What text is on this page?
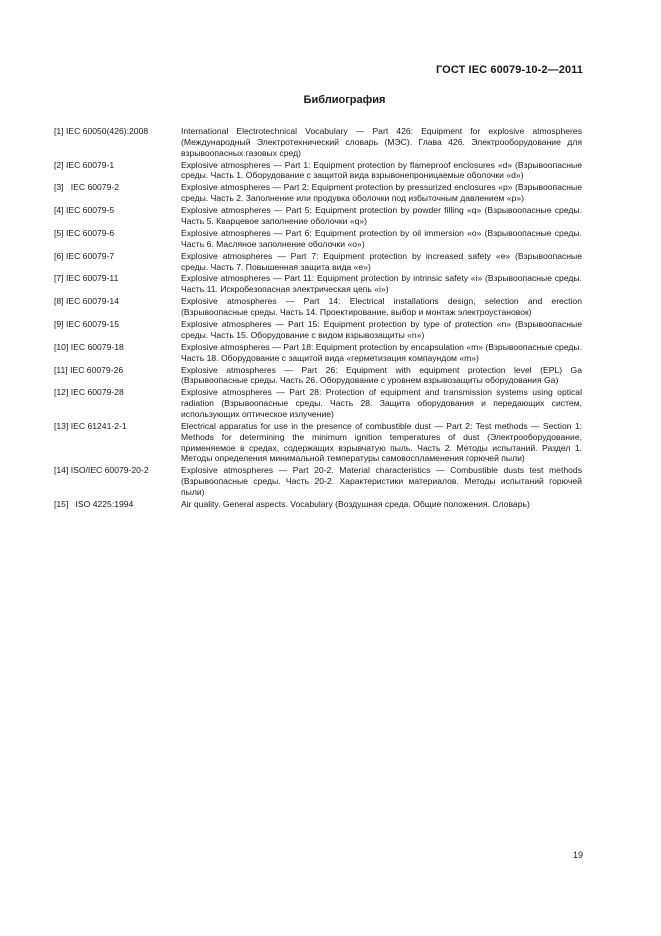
ГОСТ IEC 60079-10-2—2011
Библиография
[1] IEC 60050(426):2008	International Electrotechnical Vocabulary — Part 426: Equipment for explosive atmospheres (Международный Электротехнический словарь (МЭС). Глава 426. Электрооборудование для взрывоопасных газовых сред)
[2] IEC 60079-1	Explosive atmospheres — Part 1: Equipment protection by flameproof enclosures «d» (Взрывоопасные среды. Часть 1. Оборудование с защитой вида взрывонепроницаемые оболочки «d»)
[3] IEC 60079-2	Explosive atmospheres — Part 2: Equipment protection by pressurized enclosures «p» (Взрывоопасные среды. Часть 2. Заполнение или продувка оболочки под избыточным давлением «p»)
[4] IEC 60079-5	Explosive atmospheres — Part 5: Equipment protection by powder filling «q» (Взрывоопасные среды. Часть 5. Кварцевое заполнение оболочки «q»)
[5] IEC 60079-6	Explosive atmospheres — Part 6: Equipment protection by oil immersion «o» (Взрывоопасные среды. Часть 6. Масляное заполнение оболочки «o»)
[6] IEC 60079-7	Explosive atmospheres — Part 7: Equipment protection by increased safety «e» (Взрывоопасные среды. Часть 7. Повышенная защита вида «e»)
[7] IEC 60079-11	Explosive atmospheres — Part 11: Equipment protection by intrinsic safety «i» (Взрывоопасные среды. Часть 11. Искробезопасная электрическая цепь «i»)
[8] IEC 60079-14	Explosive atmospheres — Part 14: Electrical installations design, selection and erection (Взрывоопасные среды. Часть 14. Проектирование, выбор и монтаж электроустановок)
[9] IEC 60079-15	Explosive atmospheres — Part 15: Equipment protection by type of protection «n» (Взрывоопасные среды. Часть 15. Оборудование с видом взрывозащиты «n»)
[10] IEC 60079-18	Explosive atmospheres — Part 18: Equipment protection by encapsulation «m» (Взрывоопасные среды. Часть 18. Оборудование с защитой вида «герметизация компаундом «m»)
[11] IEC 60079-26	Explosive atmospheres — Part 26: Equipment with equipment protection level (EPL) Ga (Взрывоопасные среды. Часть 26. Оборудование с уровнем взрывозащиты оборудования Ga)
[12] IEC 60079-28	Explosive atmospheres — Part 28: Protection of equipment and transmission systems using optical radiation (Взрывоопасные среды. Часть 28. Защита оборудования и передающих систем, использующих оптическое излучение)
[13] IEC 61241-2-1	Electrical apparatus for use in the presence of combustible dust — Part 2: Test methods — Section 1: Methods for determining the minimum ignition temperatures of dust (Электрооборудование, применяемое в средах, содержащих взрывчатую пыль. Часть 2. Методы испытаний. Раздел 1. Методы определения минимальной температуры самовоспламенения горючей пыли)
[14] ISO/IEC 60079-20-2	Explosive atmospheres — Part 20-2. Material characteristics — Combustible dusts test methods (Взрывоопасные среды. Часть 20-2. Характеристики материалов. Методы испытаний горючей пыли)
[15] ISO 4225:1994	Air quality. General aspects. Vocabulary (Воздушная среда. Общие положения. Словарь)
19
